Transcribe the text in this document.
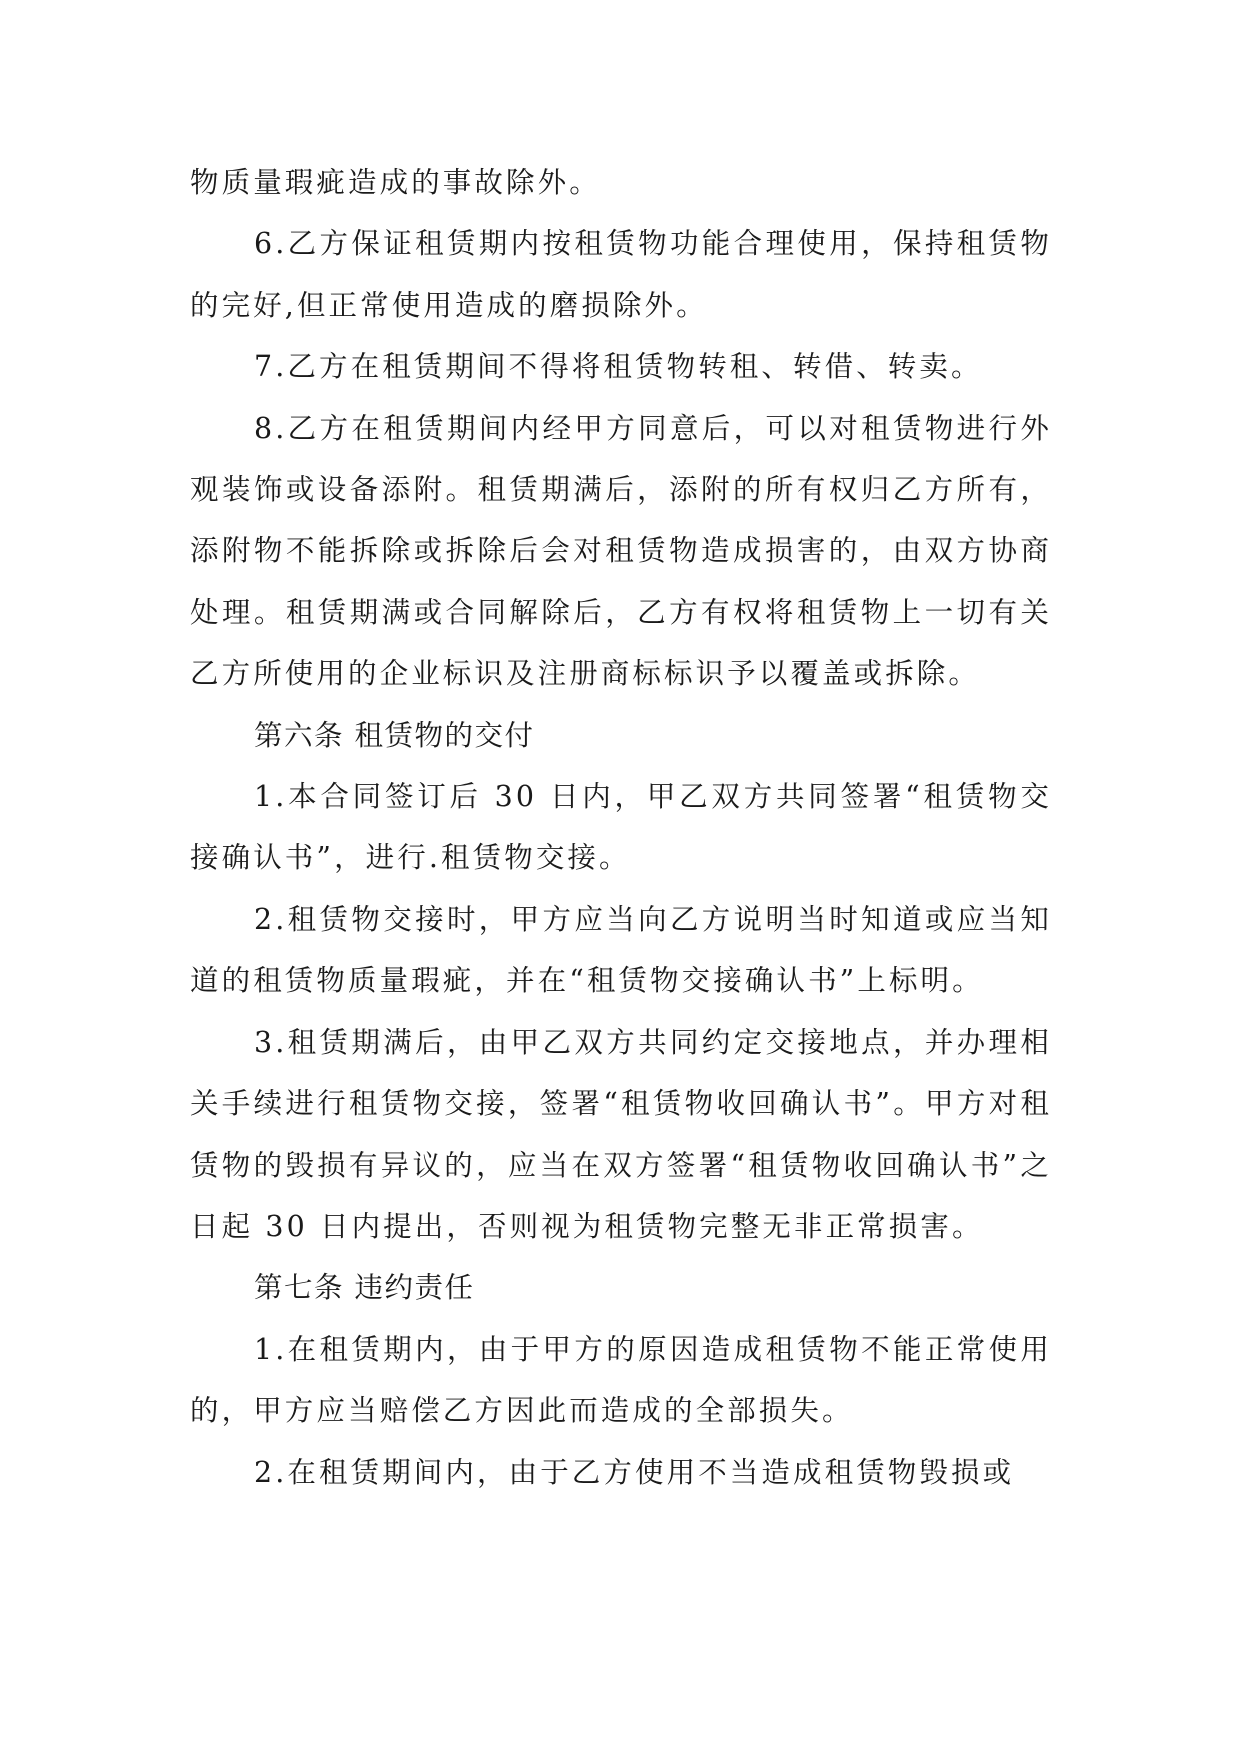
物质量瑕疵造成的事故除外。

6.乙方保证租赁期内按租赁物功能合理使用，保持租赁物的完好,但正常使用造成的磨损除外。

7.乙方在租赁期间不得将租赁物转租、转借、转卖。

8.乙方在租赁期间内经甲方同意后，可以对租赁物进行外观装饰或设备添附。租赁期满后，添附的所有权归乙方所有，添附物不能拆除或拆除后会对租赁物造成损害的，由双方协商处理。租赁期满或合同解除后，乙方有权将租赁物上一切有关乙方所使用的企业标识及注册商标标识予以覆盖或拆除。

第六条 租赁物的交付

1.本合同签订后 30 日内，甲乙双方共同签署“租赁物交接确认书”，进行.租赁物交接。

2.租赁物交接时，甲方应当向乙方说明当时知道或应当知道的租赁物质量瑕疵，并在“租赁物交接确认书”上标明。

3.租赁期满后，由甲乙双方共同约定交接地点，并办理相关手续进行租赁物交接，签署“租赁物收回确认书”。甲方对租赁物的毁损有异议的，应当在双方签署“租赁物收回确认书”之日起 30 日内提出，否则视为租赁物完整无非正常损害。

第七条 违约责任

1.在租赁期内，由于甲方的原因造成租赁物不能正常使用的，甲方应当赔偿乙方因此而造成的全部损失。

2.在租赁期间内，由于乙方使用不当造成租赁物毁损或
